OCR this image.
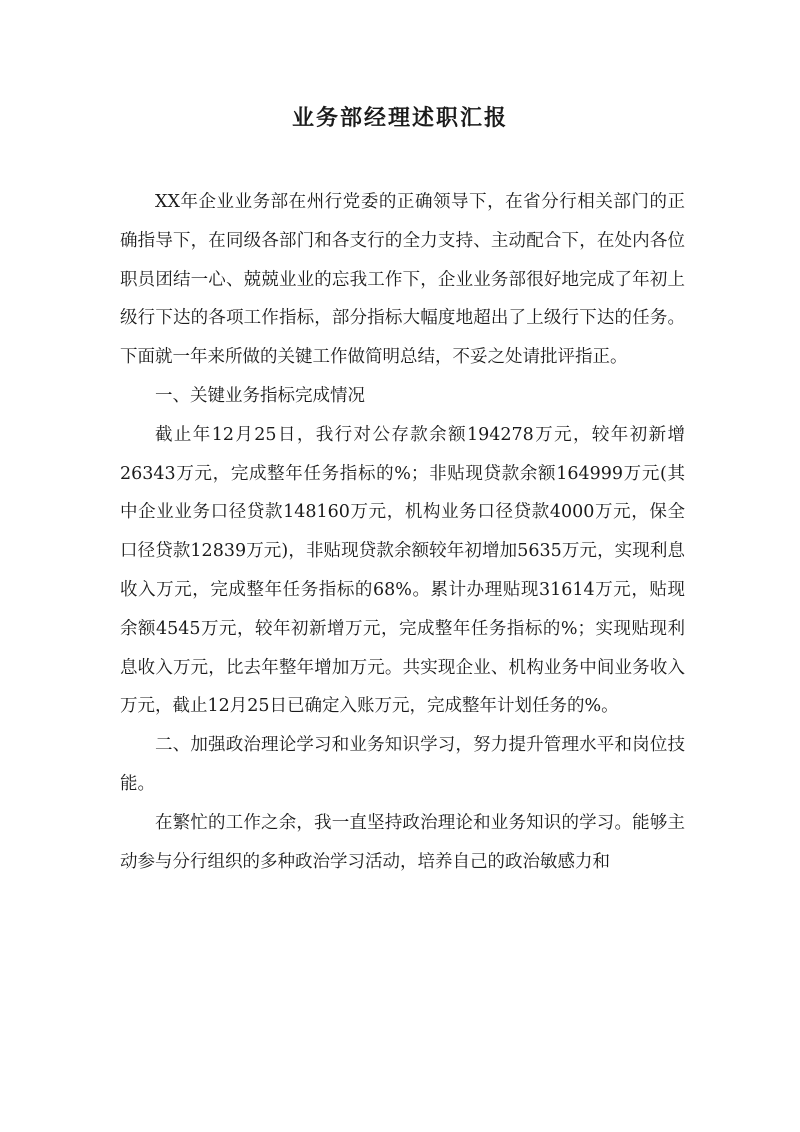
业务部经理述职汇报

XX年企业业务部在州行党委的正确领导下，在省分行相关部门的正确指导下，在同级各部门和各支行的全力支持、主动配合下，在处内各位职员团结一心、兢兢业业的忘我工作下，企业业务部很好地完成了年初上级行下达的各项工作指标，部分指标大幅度地超出了上级行下达的任务。下面就一年来所做的关键工作做简明总结，不妥之处请批评指正。

一、关键业务指标完成情况

截止年12月25日，我行对公存款余额194278万元，较年初新增26343万元，完成整年任务指标的%；非贴现贷款余额164999万元(其中企业业务口径贷款148160万元，机构业务口径贷款4000万元，保全口径贷款12839万元)，非贴现贷款余额较年初增加5635万元，实现利息收入万元，完成整年任务指标的68%。累计办理贴现31614万元，贴现余额4545万元，较年初新增万元，完成整年任务指标的%；实现贴现利息收入万元，比去年整年增加万元。共实现企业、机构业务中间业务收入万元，截止12月25日已确定入账万元，完成整年计划任务的%。

二、加强政治理论学习和业务知识学习，努力提升管理水平和岗位技能。

在繁忙的工作之余，我一直坚持政治理论和业务知识的学习。能够主动参与分行组织的多种政治学习活动，培养自己的政治敏感力和
